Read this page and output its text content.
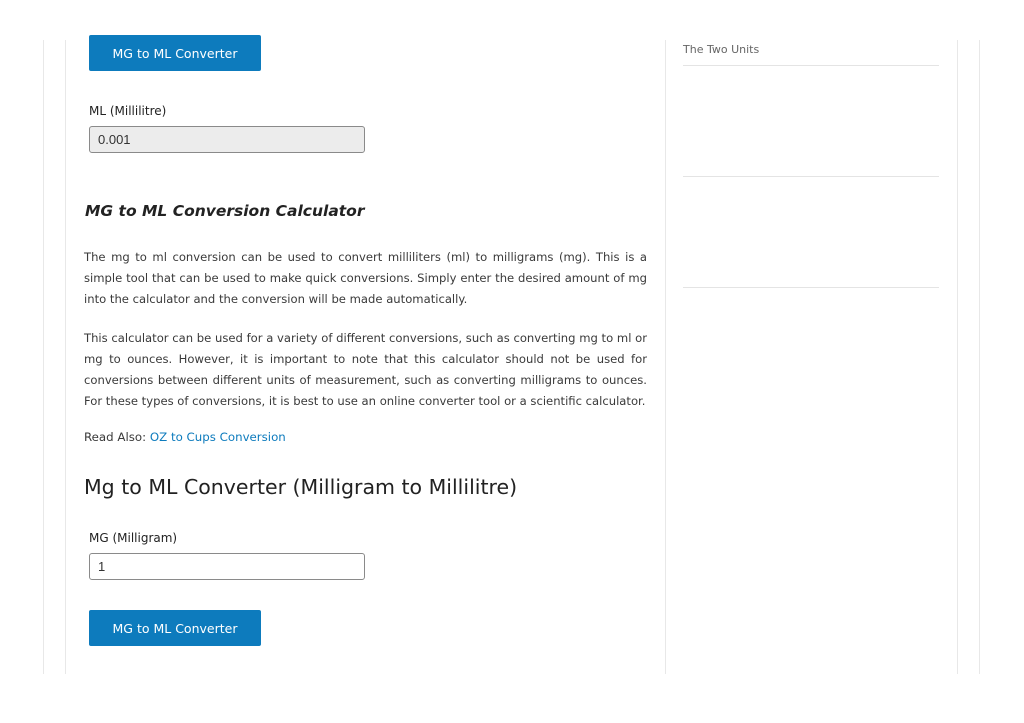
MG to ML Converter
ML (Millilitre)
0.001
MG to ML Conversion Calculator

The mg to ml conversion can be used to convert milliliters (ml) to milligrams (mg). This is a simple tool that can be used to make quick conversions. Simply enter the desired amount of mg into the calculator and the conversion will be made automatically.

This calculator can be used for a variety of different conversions, such as converting mg to ml or mg to ounces. However, it is important to note that this calculator should not be used for conversions between different units of measurement, such as converting milligrams to ounces. For these types of conversions, it is best to use an online converter tool or a scientific calculator.

Read Also: OZ to Cups Conversion
Mg to ML Converter (Milligram to Millilitre)
MG (Milligram)
1
MG to ML Converter
The Two Units
